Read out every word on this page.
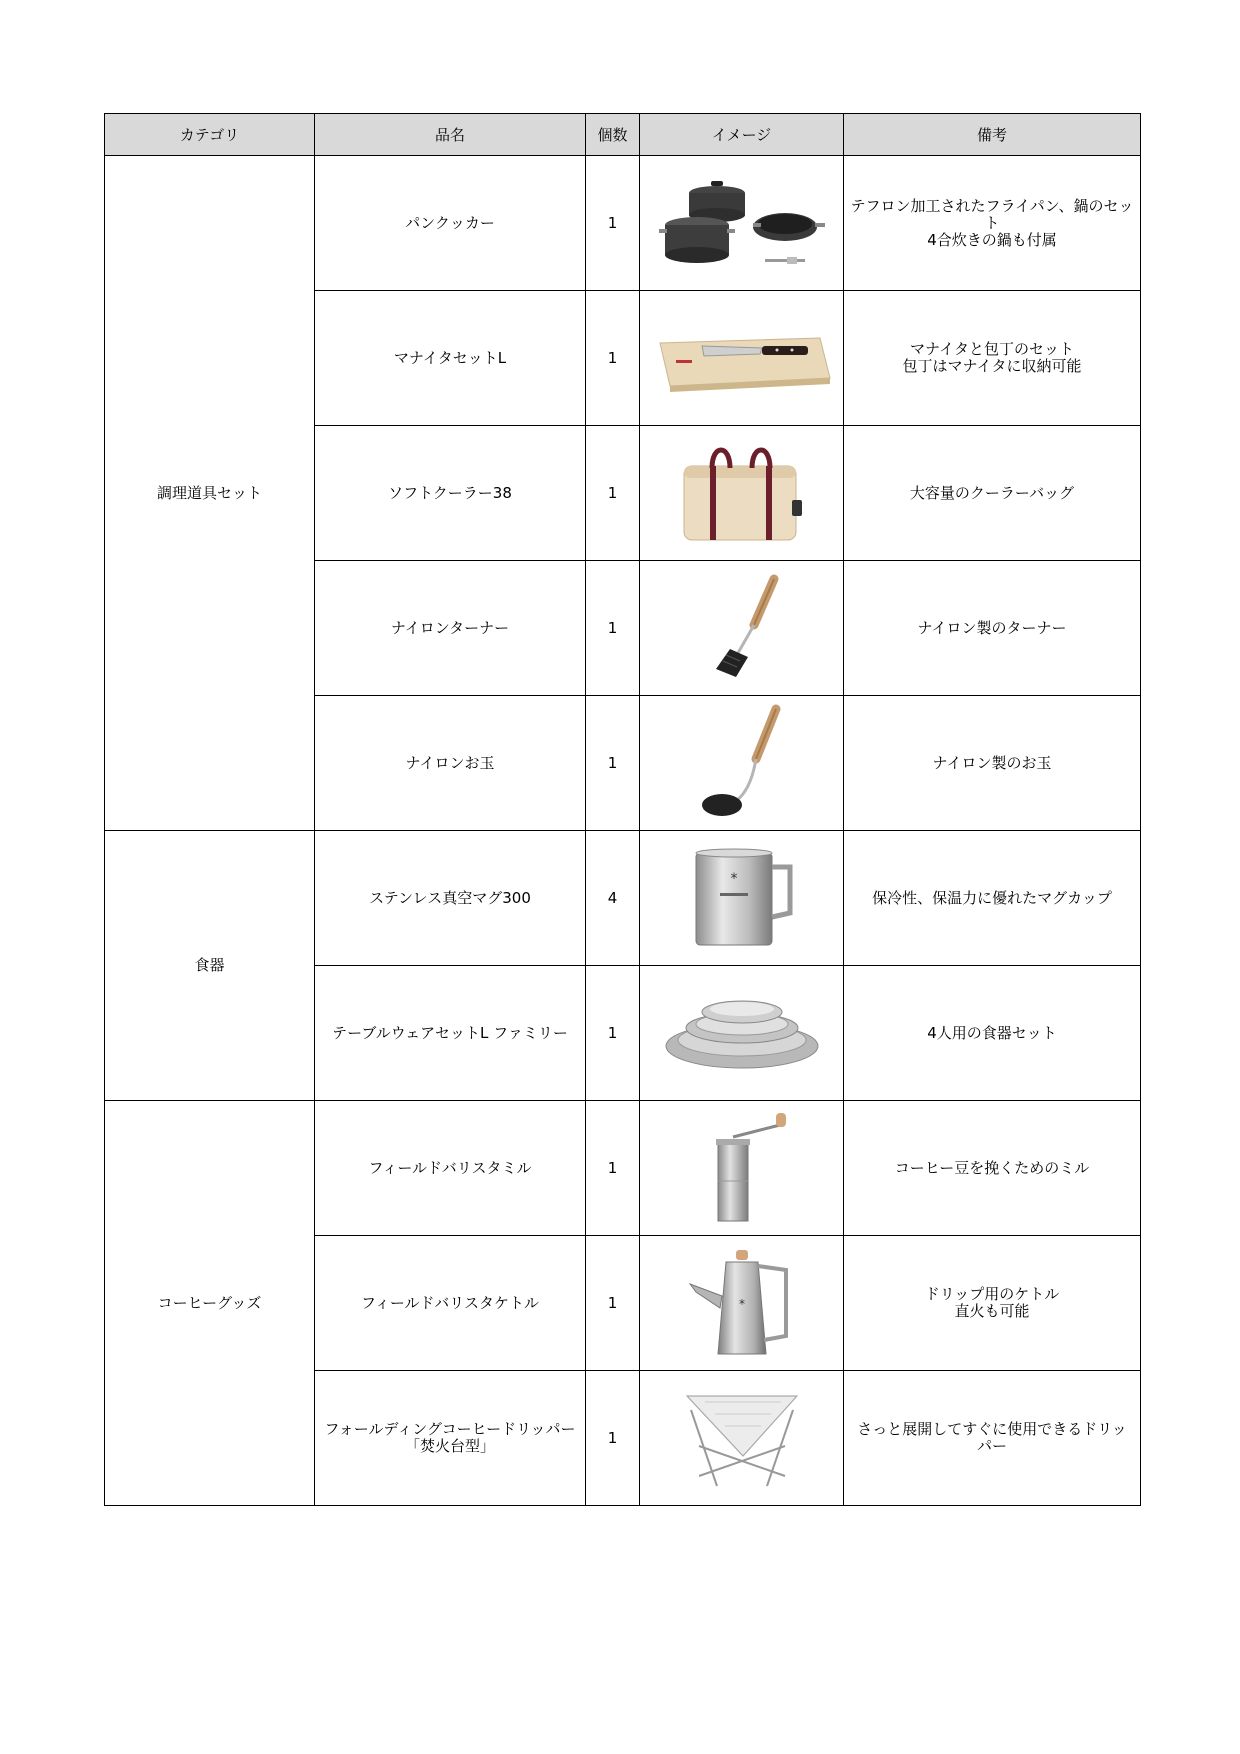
カテゴリ	品名	個数	イメージ	備考
調理道具セット	パンクッカー	1		テフロン加工されたフライパン、鍋のセッ
ト
4合炊きの鍋も付属

	マナイタセットL	1		マナイタと包丁のセット
包丁はマナイタに収納可能

	ソフトクーラー38	1		大容量のクーラーバッグ

	ナイロンターナー	1		ナイロン製のターナー

	ナイロンお玉	1		ナイロン製のお玉

食器	ステンレス真空マグ300	4	*	保冷性、保温力に優れたマグカップ

	テーブルウェアセットL ファミリー	1		4人用の食器セット

コーヒーグッズ	フィールドバリスタミル	1		コーヒー豆を挽くためのミル

	フィールドバリスタケトル	1	*	ドリップ用のケトル
直火も可能

	フォールディングコーヒードリッパー
「焚火台型」	1		さっと展開してすぐに使用できるドリッ
パー
